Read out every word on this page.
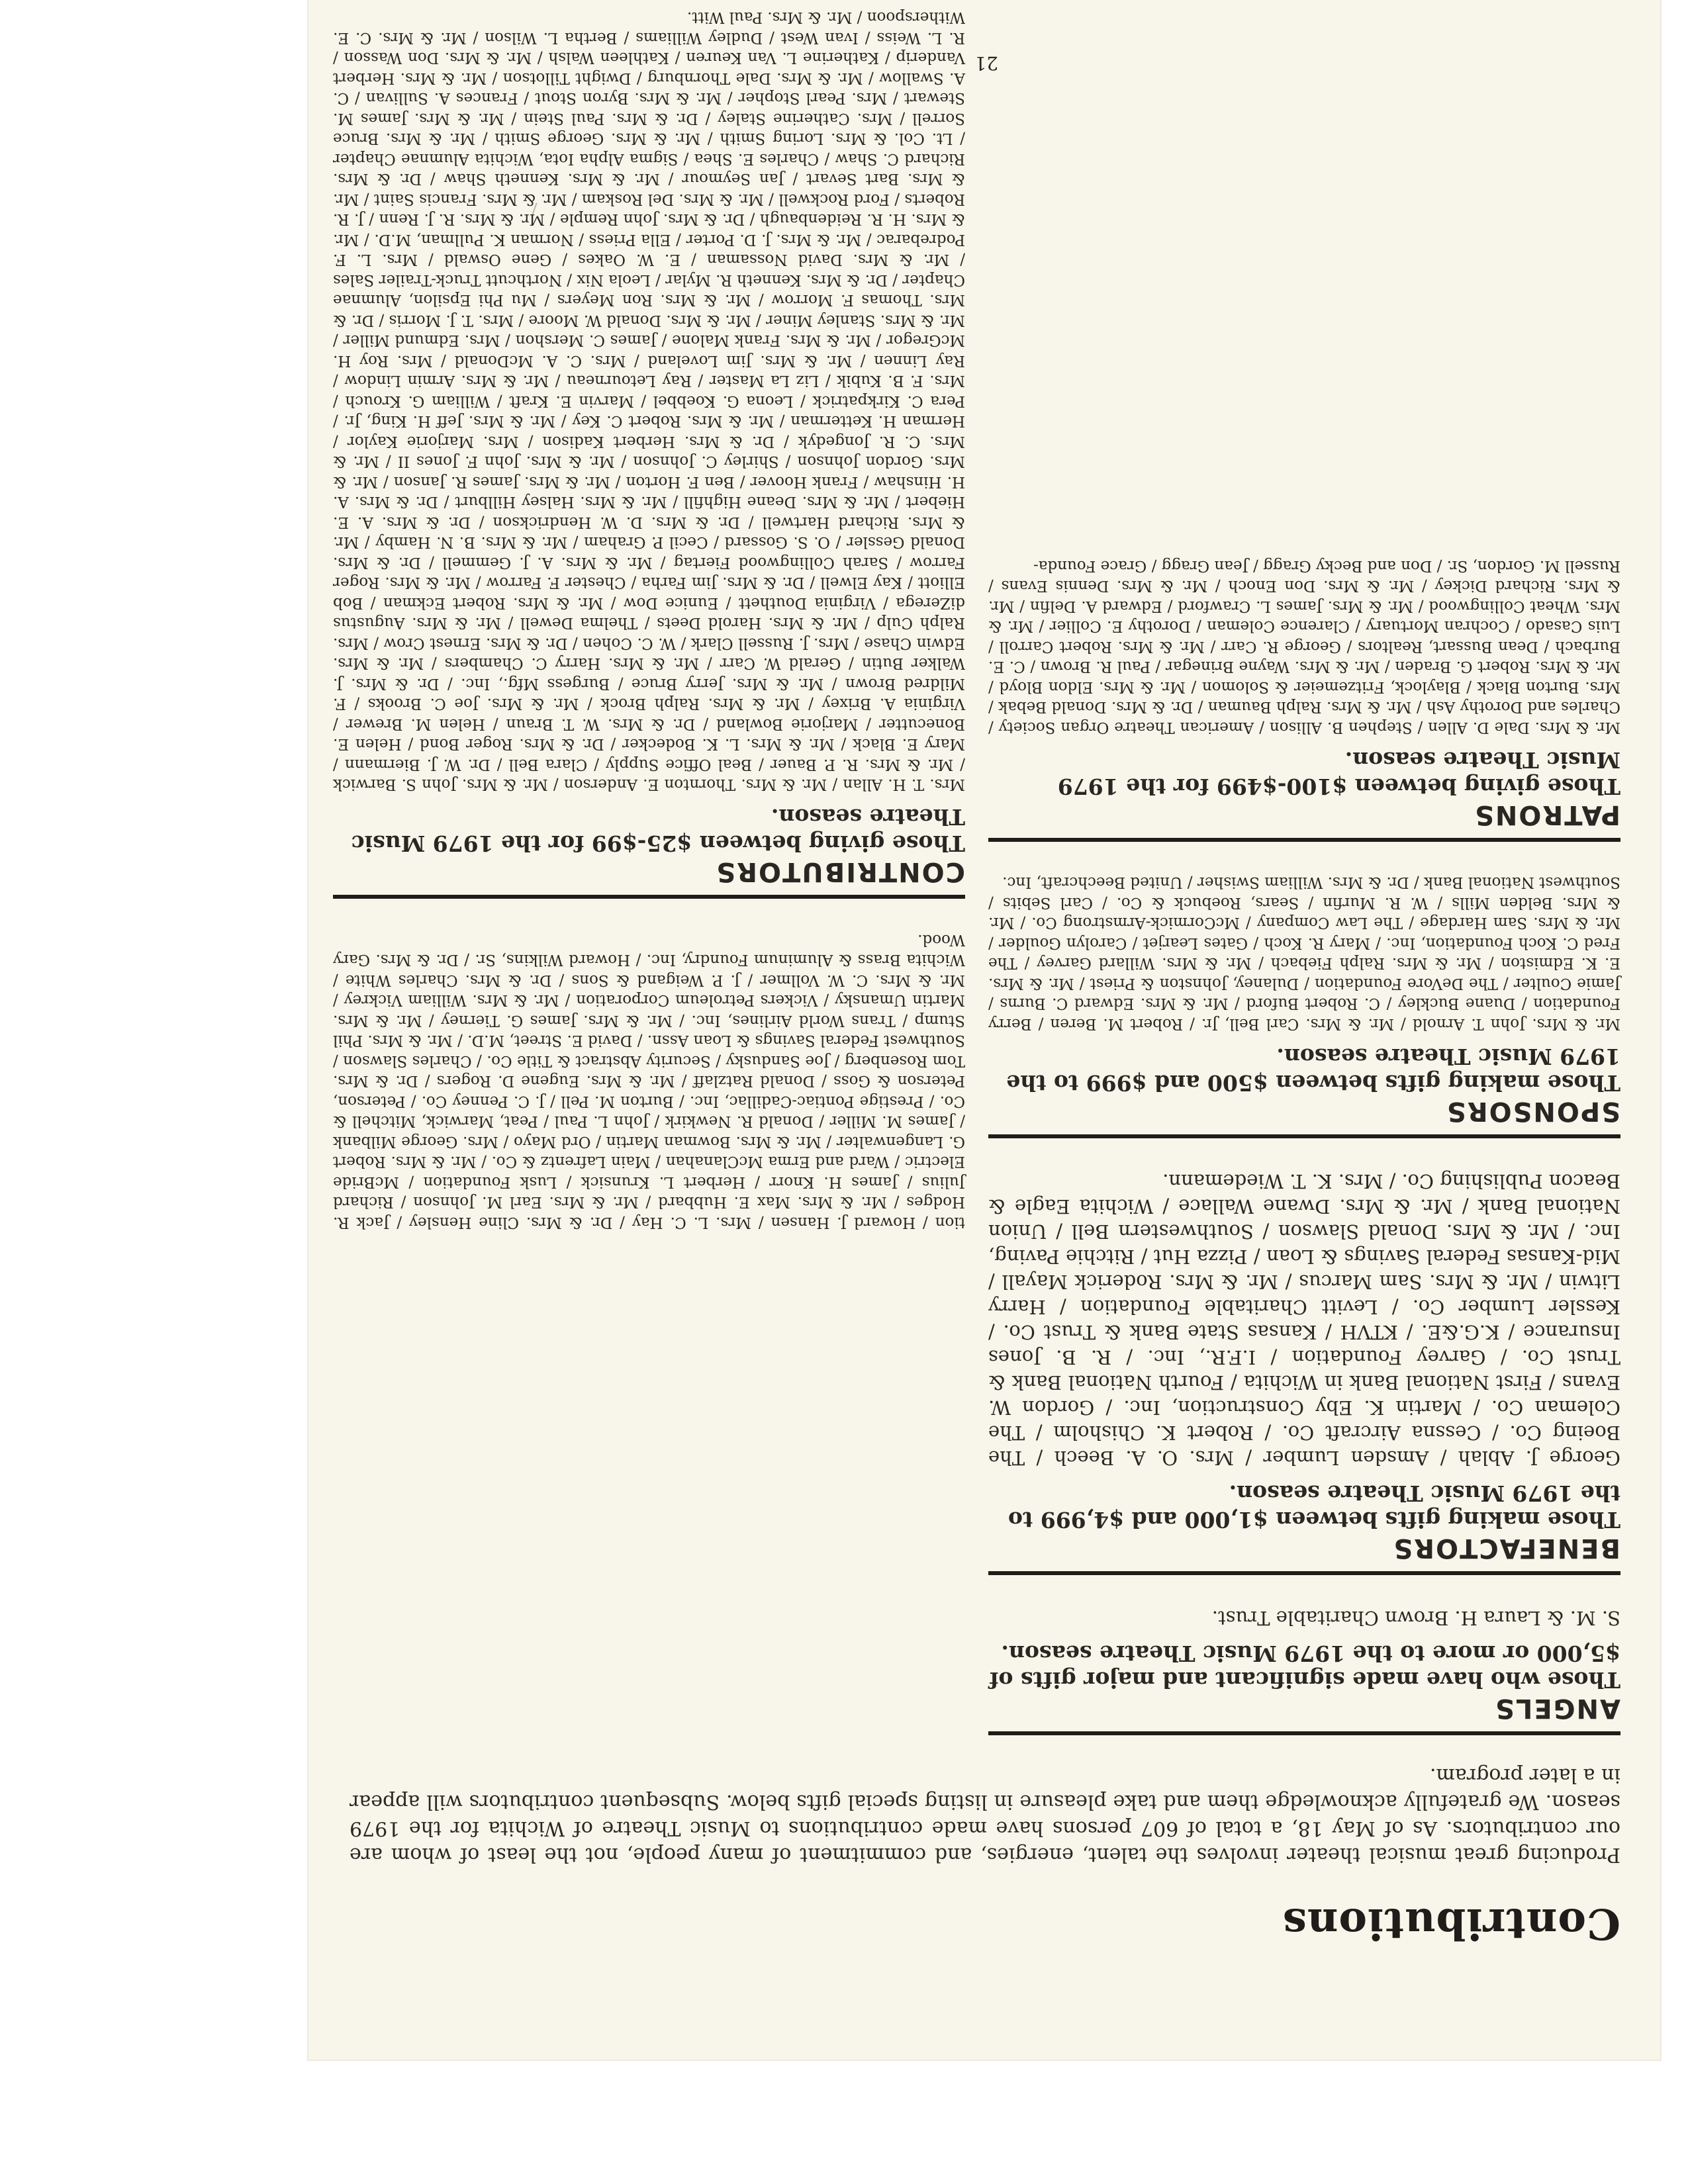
Contributions
Producing great musical theater involves the talent, energies, and commitment of many people, not the least of whom are our contributors. As of May 18, a total of 607 persons have made contributions to Music Theatre of Wichita for the 1979 season. We gratefully acknowledge them and take pleasure in listing special gifts below. Subsequent contributors will appear in a later program.
ANGELS
Those who have made significant and major gifts of $5,000 or more to the 1979 Music Theatre season.
S. M. & Laura H. Brown Charitable Trust.
BENEFACTORS
Those making gifts between $1,000 and $4,999 to the 1979 Music Theatre season.
George J. Ablah / Amsden Lumber / Mrs. O. A. Beech / The Boeing Co. / Cessna Aircraft Co. / Robert K. Chisholm / The Coleman Co. / Martin K. Eby Construction, Inc. / Gordon W. Evans / First National Bank in Wichita / Fourth National Bank & Trust Co. / Garvey Foundation / I.F.R., Inc. / R. B. Jones Insurance / K.G.&E. / KTVH / Kansas State Bank & Trust Co. / Kessler Lumber Co. / Levitt Charitable Foundation / Harry Litwin / Mr. & Mrs. Sam Marcus / Mr. & Mrs. Roderick Mayall / Mid-Kansas Federal Savings & Loan / Pizza Hut / Ritchie Paving, Inc. / Mr. & Mrs. Donald Slawson / Southwestern Bell / Union National Bank / Mr. & Mrs. Dwane Wallace / Wichita Eagle & Beacon Publishing Co. / Mrs. K. T. Wiedemann.
SPONSORS
Those making gifts between $500 and $999 to the 1979 Music Theatre season.
Mr. & Mrs. John T. Arnold / Mr. & Mrs. Carl Bell, Jr. / Robert M. Beren / Berry Foundation / Duane Buckley / C. Robert Buford / Mr. & Mrs. Edward C. Burns / Jamie Coulter / The DeVore Foundation / Dulaney, Johnston & Priest / Mr. & Mrs. E. K. Edmiston / Mr. & Mrs. Ralph Fiebach / Mr. & Mrs. Willard Garvey / The Fred C. Koch Foundation, Inc. / Mary R. Koch / Gates Learjet / Carolyn Goulder / Mr. & Mrs. Sam Hardage / The Law Company / McCormick-Armstrong Co. / Mr. & Mrs. Belden Mills / W. R. Murfin / Sears, Roebuck & Co. / Carl Sebits / Southwest National Bank / Dr. & Mrs. William Swisher / United Beechcraft, Inc.
PATRONS
Those giving between $100-$499 for the 1979 Music Theatre season.
Mr. & Mrs. Dale D. Allen / Stephen B. Allison / American Theatre Organ Society / Charles and Dorothy Ash / Mr. & Mrs. Ralph Bauman / Dr. & Mrs. Donald Bebak / Mrs. Burton Black / Blaylock, Fritzemeier & Solomon / Mr. & Mrs. Eldon Bloyd / Mr. & Mrs. Robert G. Braden / Mr. & Mrs. Wayne Brinegar / Paul R. Brown / C. E. Burbach / Dean Bussart, Realtors / George R. Carr / Mr. & Mrs. Robert Carroll / Luis Casado / Cochran Mortuary / Clarence Coleman / Dorothy E. Collier / Mr. & Mrs. Wheat Collingwood / Mr. & Mrs. James L. Crawford / Edward A. Delfin / Mr. & Mrs. Richard Dickey / Mr. & Mrs. Don Enoch / Mr. & Mrs. Dennis Evans / Russell M. Gordon, Sr. / Don and Becky Gragg / Jean Gragg / Grace Founda-
tion / Howard J. Hansen / Mrs. L. C. Hay / Dr. & Mrs. Cline Hensley / Jack R. Hodges / Mr. & Mrs. Max E. Hubbard / Mr. & Mrs. Earl M. Johnson / Richard Julius / James H. Knorr / Herbert L. Krunsick / Lusk Foundation / McBride Electric / Ward and Erma McClanahan / Main Lafrentz & Co. / Mr. & Mrs. Robert G. Langenwalter / Mr. & Mrs. Bowman Martin / Ord Mayo / Mrs. George Milbank / James M. Miller / Donald R. Newkirk / John L. Paul / Peat, Marwick, Mitchell & Co. / Prestige Pontiac-Cadillac, Inc. / Burton M. Pell / J. C. Penney Co. / Peterson, Peterson & Goss / Donald Ratzlaff / Mr. & Mrs. Eugene D. Rogers / Dr. & Mrs. Tom Rosenberg / Joe Sandusky / Security Abstract & Title Co. / Charles Slawson / Southwest Federal Savings & Loan Assn. / David E. Street, M.D. / Mr. & Mrs. Phil Stump / Trans World Airlines, Inc. / Mr. & Mrs. James G. Tierney / Mr. & Mrs. Martin Umansky / Vickers Petroleum Corporation / Mr. & Mrs. William Vickrey / Mr. & Mrs. C. W. Vollmer / J. P. Weigand & Sons / Dr. & Mrs. Charles White / Wichita Brass & Aluminum Foundry, Inc. / Howard Wilkins, Sr. / Dr. & Mrs. Gary Wood.
CONTRIBUTORS
Those giving between $25-$99 for the 1979 Music Theatre season.
Mrs. T. H. Allan / Mr. & Mrs. Thornton E. Anderson / Mr. & Mrs. John S. Barwick / Mr. & Mrs. R. P. Bauer / Beal Office Supply / Clara Bell / Dr. W. J. Biermann / Mary E. Black / Mr. & Mrs. L. K. Bodecker / Dr. & Mrs. Roger Bond / Helen E. Bonecutter / Marjorie Bowland / Dr. & Mrs. W. T. Braun / Helen M. Brewer / Virginia A. Brixey / Mr. & Mrs. Ralph Brock / Mr. & Mrs. Joe C. Brooks / F. Mildred Brown / Mr. & Mrs. Jerry Bruce / Burgess Mfg., Inc. / Dr. & Mrs. J. Walker Butin / Gerald W. Carr / Mr. & Mrs. Harry C. Chambers / Mr. & Mrs. Edwin Chase / Mrs. J. Russell Clark / W. C. Cohen / Dr. & Mrs. Ernest Crow / Mrs. Ralph Culp / Mr. & Mrs. Harold Deets / Thelma Dewell / Mr. & Mrs. Augustus diZerega / Virginia Douthett / Eunice Dow / Mr. & Mrs. Robert Eckman / Bob Elliott / Kay Elwell / Dr. & Mrs. Jim Farha / Chester F. Farrow / Mr. & Mrs. Roger Farrow / Sarah Collingwood Fiertag / Mr. & Mrs. A. J. Gemmell / Dr. & Mrs. Donald Gessler / O. S. Gossard / Cecil P. Graham / Mr. & Mrs. B. N. Hamby / Mr. & Mrs. Richard Hartwell / Dr. & Mrs. D. W. Hendrickson / Dr. & Mrs. A. E. Hiebert / Mr. & Mrs. Deane Highfill / Mr. & Mrs. Halsey Hillburt / Dr. & Mrs. A. H. Hinshaw / Frank Hoover / Ben F. Horton / Mr. & Mrs. James R. Janson / Mr. & Mrs. Gordon Johnson / Shirley C. Johnson / Mr. & Mrs. John F. Jones II / Mr. & Mrs. C. R. Jongedyk / Dr. & Mrs. Herbert Kadison / Mrs. Marjorie Kaylor / Herman H. Ketterman / Mr. & Mrs. Robert C. Key / Mr. & Mrs. Jeff H. King, Jr. / Pera C. Kirkpatrick / Leona G. Koebbel / Marvin E. Kraft / William G. Krouch / Mrs. F. B. Kubik / Liz La Master / Ray Letourneau / Mr. & Mrs. Armin Lindow / Ray Linnen / Mr. & Mrs. Jim Loveland / Mrs. C. A. McDonald / Mrs. Roy H. McGregor / Mr. & Mrs. Frank Malone / James C. Mershon / Mrs. Edmund Miller / Mr. & Mrs. Stanley Miner / Mr. & Mrs. Donald W. Moore / Mrs. T. J. Morris / Dr. & Mrs. Thomas F. Morrow / Mr. & Mrs. Ron Meyers / Mu Phi Epsilon, Alumnae Chapter / Dr. & Mrs. Kenneth R. Mylar / Leola Nix / Northcutt Truck-Trailer Sales / Mr. & Mrs. David Nossaman / E. W. Oakes / Gene Oswald / Mrs. L. F. Podrebarac / Mr. & Mrs. J. D. Porter / Ella Priess / Norman K. Pullman, M.D. / Mr. & Mrs. H. R. Reidenbaugh / Dr. & Mrs. John Remple / Mr. & Mrs. R. J. Renn / J. R. Roberts / Ford Rockwell / Mr. & Mrs. Del Roskam / Mr. & Mrs. Francis Saint / Mr. & Mrs. Bart Sevart / Jan Seymour / Mr. & Mrs. Kenneth Shaw / Dr. & Mrs. Richard C. Shaw / Charles E. Shea / Sigma Alpha Iota, Wichita Alumnae Chapter / Lt. Col. & Mrs. Loring Smith / Mr. & Mrs. George Smith / Mr. & Mrs. Bruce Sorrell / Mrs. Catherine Staley / Dr. & Mrs. Paul Stein / Mr. & Mrs. James M. Stewart / Mrs. Pearl Stopher / Mr. & Mrs. Byron Stout / Frances A. Sullivan / C. A. Swallow / Mr. & Mrs. Dale Thornburg / Dwight Tillotson / Mr. & Mrs. Herbert Vanderip / Katherine L. Van Keuren / Kathleen Walsh / Mr. & Mrs. Don Wasson / R. L. Weiss / Ivan West / Dudley Williams / Bertha L. Wilson / Mr. & Mrs. C. E. Witherspoon / Mr. & Mrs. Paul Witt.
21
